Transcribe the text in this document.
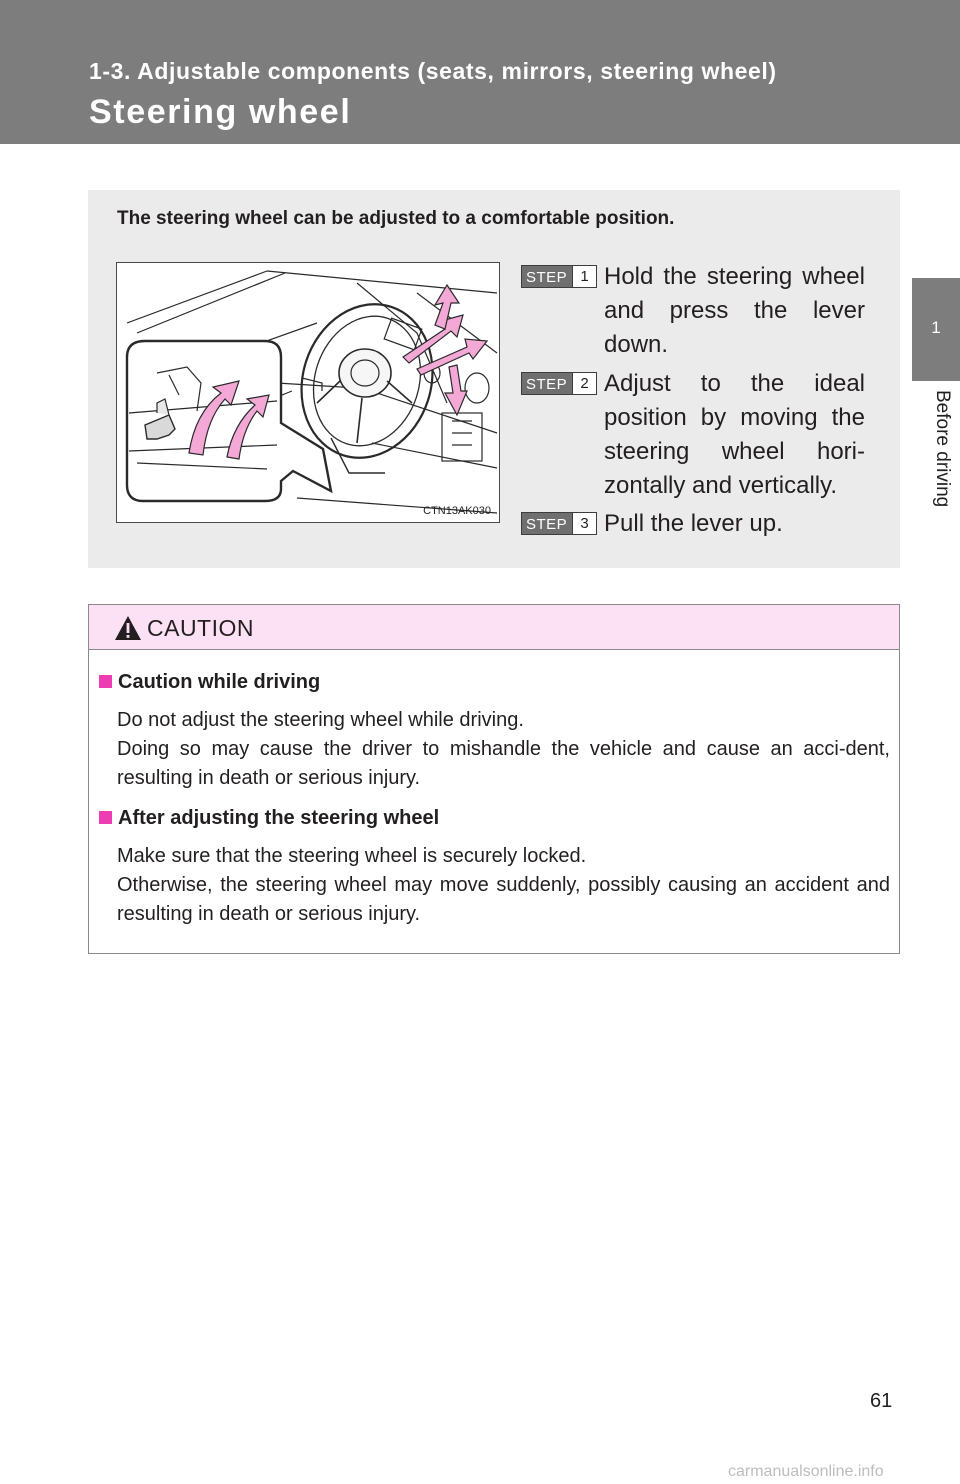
1-3. Adjustable components (seats, mirrors, steering wheel)
Steering wheel
1
Before driving
The steering wheel can be adjusted to a comfortable position.
CTN13AK030
STEP 1 Hold the steering wheel and press the lever down.
STEP 2 Adjust to the ideal position by moving the steering wheel hori-zontally and vertically.
STEP 3 Pull the lever up.
CAUTION
Caution while driving
Do not adjust the steering wheel while driving.
Doing so may cause the driver to mishandle the vehicle and cause an acci-dent, resulting in death or serious injury.
After adjusting the steering wheel
Make sure that the steering wheel is securely locked.
Otherwise, the steering wheel may move suddenly, possibly causing an accident and resulting in death or serious injury.
61
carmanualsonline.info
